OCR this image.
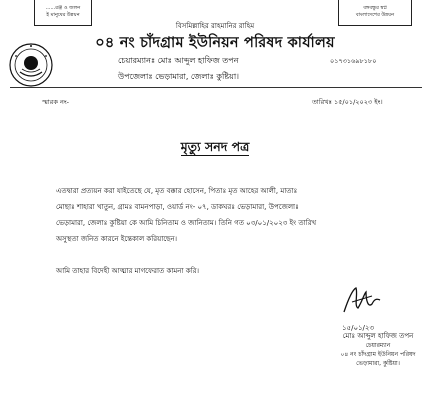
......রঞ্জ ও জলন
ই মানুষের উন্নয়ন
বঙ্গবন্ধুর স্বপ্ন
বাংলাদেশের উন্নয়ন
বিসমিল্লাহির রাহমানির রাহিম
০৪ নং চাঁদগ্রাম ইউনিয়ন পরিষদ কার্যালয়
চেয়ারম্যানঃ মোঃ আব্দুল হাফিজ তপন	০১৭৩১৬৯৮১৮০
উপজেলাঃ ভেড়ামারা, জেলাঃ কুষ্টিয়া।
স্মারক নং-	তারিখঃ ১৫/০১/২০২৩ ইং।
মৃত্যু সনদ পত্র
এতদ্বারা প্রত্যয়ন করা যাইতেছে যে, মৃত বক্কার হোসেন, পিতাঃ মৃত আহের আলী, মাতাঃ
মোছাঃ শাহারা খাতুন, গ্রামঃ বামনপাড়া, ওয়ার্ড নং- ০৭, ডাকঘরঃ ভেড়ামারা, উপজেলাঃ
ভেড়ামারা, জেলাঃ কুষ্টিয়া কে আমি চিনিতাম ও জানিতাম। তিনি গত ০৩/০১/২০২৩ ইং তারিখ
অসুস্থতা জনিত কারনে ইন্তেকাল করিয়াছেন।
আমি তাহার বিদেহী আত্মার মাগফেরাত কামনা করি।
১৫/০১/২৩
মোঃ আব্দুল হাফিজ তপন
চেয়ারম্যান
০৪ নং চাঁদগ্রাম ইউনিয়ন পরিষদ
ভেড়ামারা, কুষ্টিয়া।
